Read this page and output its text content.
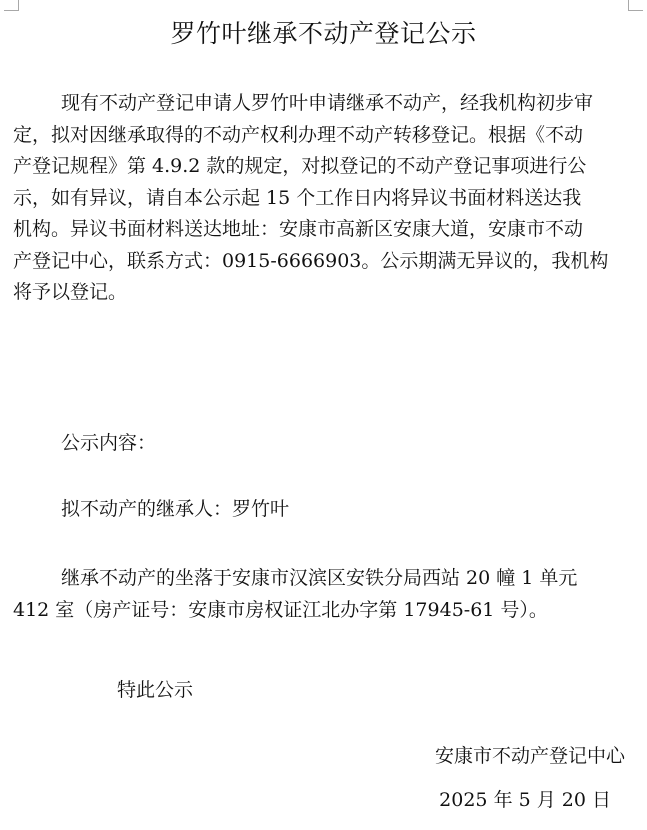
罗竹叶继承不动产登记公示
现有不动产登记申请人罗竹叶申请继承不动产，经我机构初步审
定，拟对因继承取得的不动产权利办理不动产转移登记。根据《不动
产登记规程》第 4.9.2 款的规定，对拟登记的不动产登记事项进行公
示，如有异议，请自本公示起 15 个工作日内将异议书面材料送达我
机构。异议书面材料送达地址：安康市高新区安康大道，安康市不动
产登记中心，联系方式：0915-6666903。公示期满无异议的，我机构
将予以登记。

公示内容：

拟不动产的继承人：罗竹叶

继承不动产的坐落于安康市汉滨区安铁分局西站 20 幢 1 单元
412 室（房产证号：安康市房权证江北办字第 17945-61 号）。

特此公示

安康市不动产登记中心

2025 年 5 月 20 日
